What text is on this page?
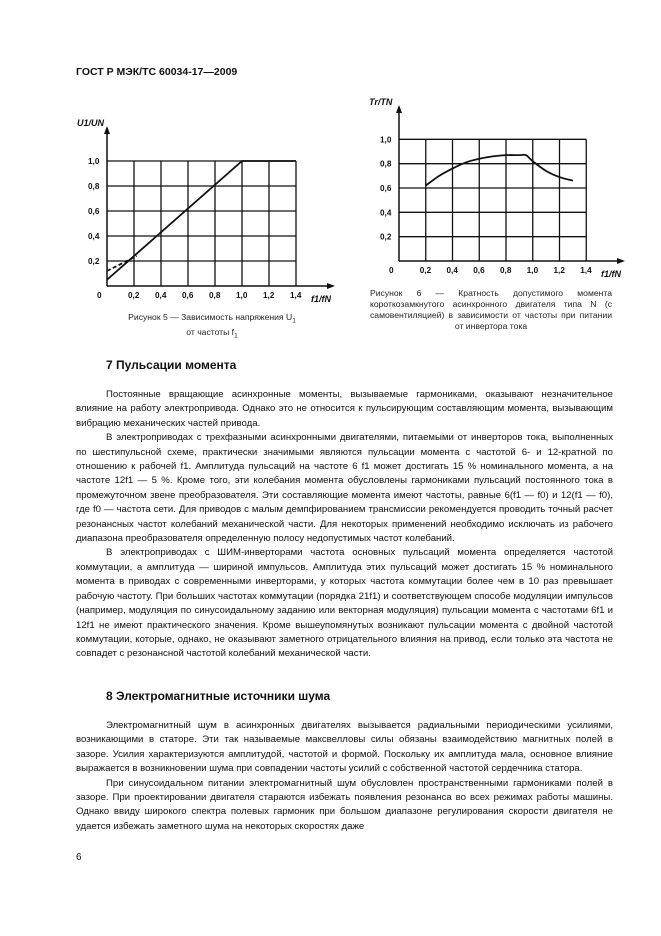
ГОСТ Р МЭК/ТС 60034-17—2009
0	0,2 0,4 0,6 0,8 1,0 1,2 1,4
0,2
0,4
0,6
0,8
1,0
U1/UN
f1/fN
Рисунок 5 — Зависимость напряжения $U_1$
от частоты $f_1$
0	0,2 0,4 0,6 0,8 1,0 1,2 1,4
0,2
0,4
0,6
0,8
1,0
Tr/TN
f1/fN
Рисунок 6 — Кратность допустимого момента короткозамкнутого асинхронного двигателя типа N (с самовентиляцией) в зависимости от частоты при питании от инвертора тока
7 Пульсации момента

Постоянные вращающие асинхронные моменты, вызываемые гармониками, оказывают незначительное влияние на работу электропривода. Однако это не относится к пульсирующим составляющим момента, вызывающим вибрацию механических частей привода.

В электроприводах с трехфазными асинхронными двигателями, питаемыми от инверторов тока, выполненных по шестипульсной схеме, практически значимыми являются пульсации момента с частотой 6- и 12-кратной по отношению к рабочей f1. Амплитуда пульсаций на частоте 6 f1 может достигать 15 % номинального момента, а на частоте 12f1 — 5 %. Кроме того, эти колебания момента обусловлены гармониками пульсаций постоянного тока в промежуточном звене преобразователя. Эти составляющие момента имеют частоты, равные 6(f1 — f0) и 12(f1 — f0), где f0 — частота сети. Для приводов с малым демпфированием трансмиссии рекомендуется проводить точный расчет резонансных частот колебаний механической части. Для некоторых применений необходимо исключать из рабочего диапазона преобразователя определенную полосу недопустимых частот колебаний.

В электроприводах с ШИМ-инверторами частота основных пульсаций момента определяется частотой коммутации, а амплитуда — шириной импульсов. Амплитуда этих пульсаций может достигать 15 % номинального момента в приводах с современными инверторами, у которых частота коммутации более чем в 10 раз превышает рабочую частоту. При больших частотах коммутации (порядка 21f1) и соответствующем способе модуляции импульсов (например, модуляция по синусоидальному заданию или векторная модуляция) пульсации момента с частотами 6f1 и 12f1 не имеют практического значения. Кроме вышеупомянутых возникают пульсации момента с двойной частотой коммутации, которые, однако, не оказывают заметного отрицательного влияния на привод, если только эта частота не совпадет с резонансной частотой колебаний механической части.

8 Электромагнитные источники шума

Электромагнитный шум в асинхронных двигателях вызывается радиальными периодическими усилиями, возникающими в статоре. Эти так называемые максвелловы силы обязаны взаимодействию магнитных полей в зазоре. Усилия характеризуются амплитудой, частотой и формой. Поскольку их амплитуда мала, основное влияние выражается в возникновении шума при совпадении частоты усилий с собственной частотой сердечника статора.

При синусоидальном питании электромагнитный шум обусловлен пространственными гармониками полей в зазоре. При проектировании двигателя стараются избежать появления резонанса во всех режимах работы машины. Однако ввиду широкого спектра полевых гармоник при большом диапазоне регулирования скорости двигателя не удается избежать заметного шума на некоторых скоростях даже

6
